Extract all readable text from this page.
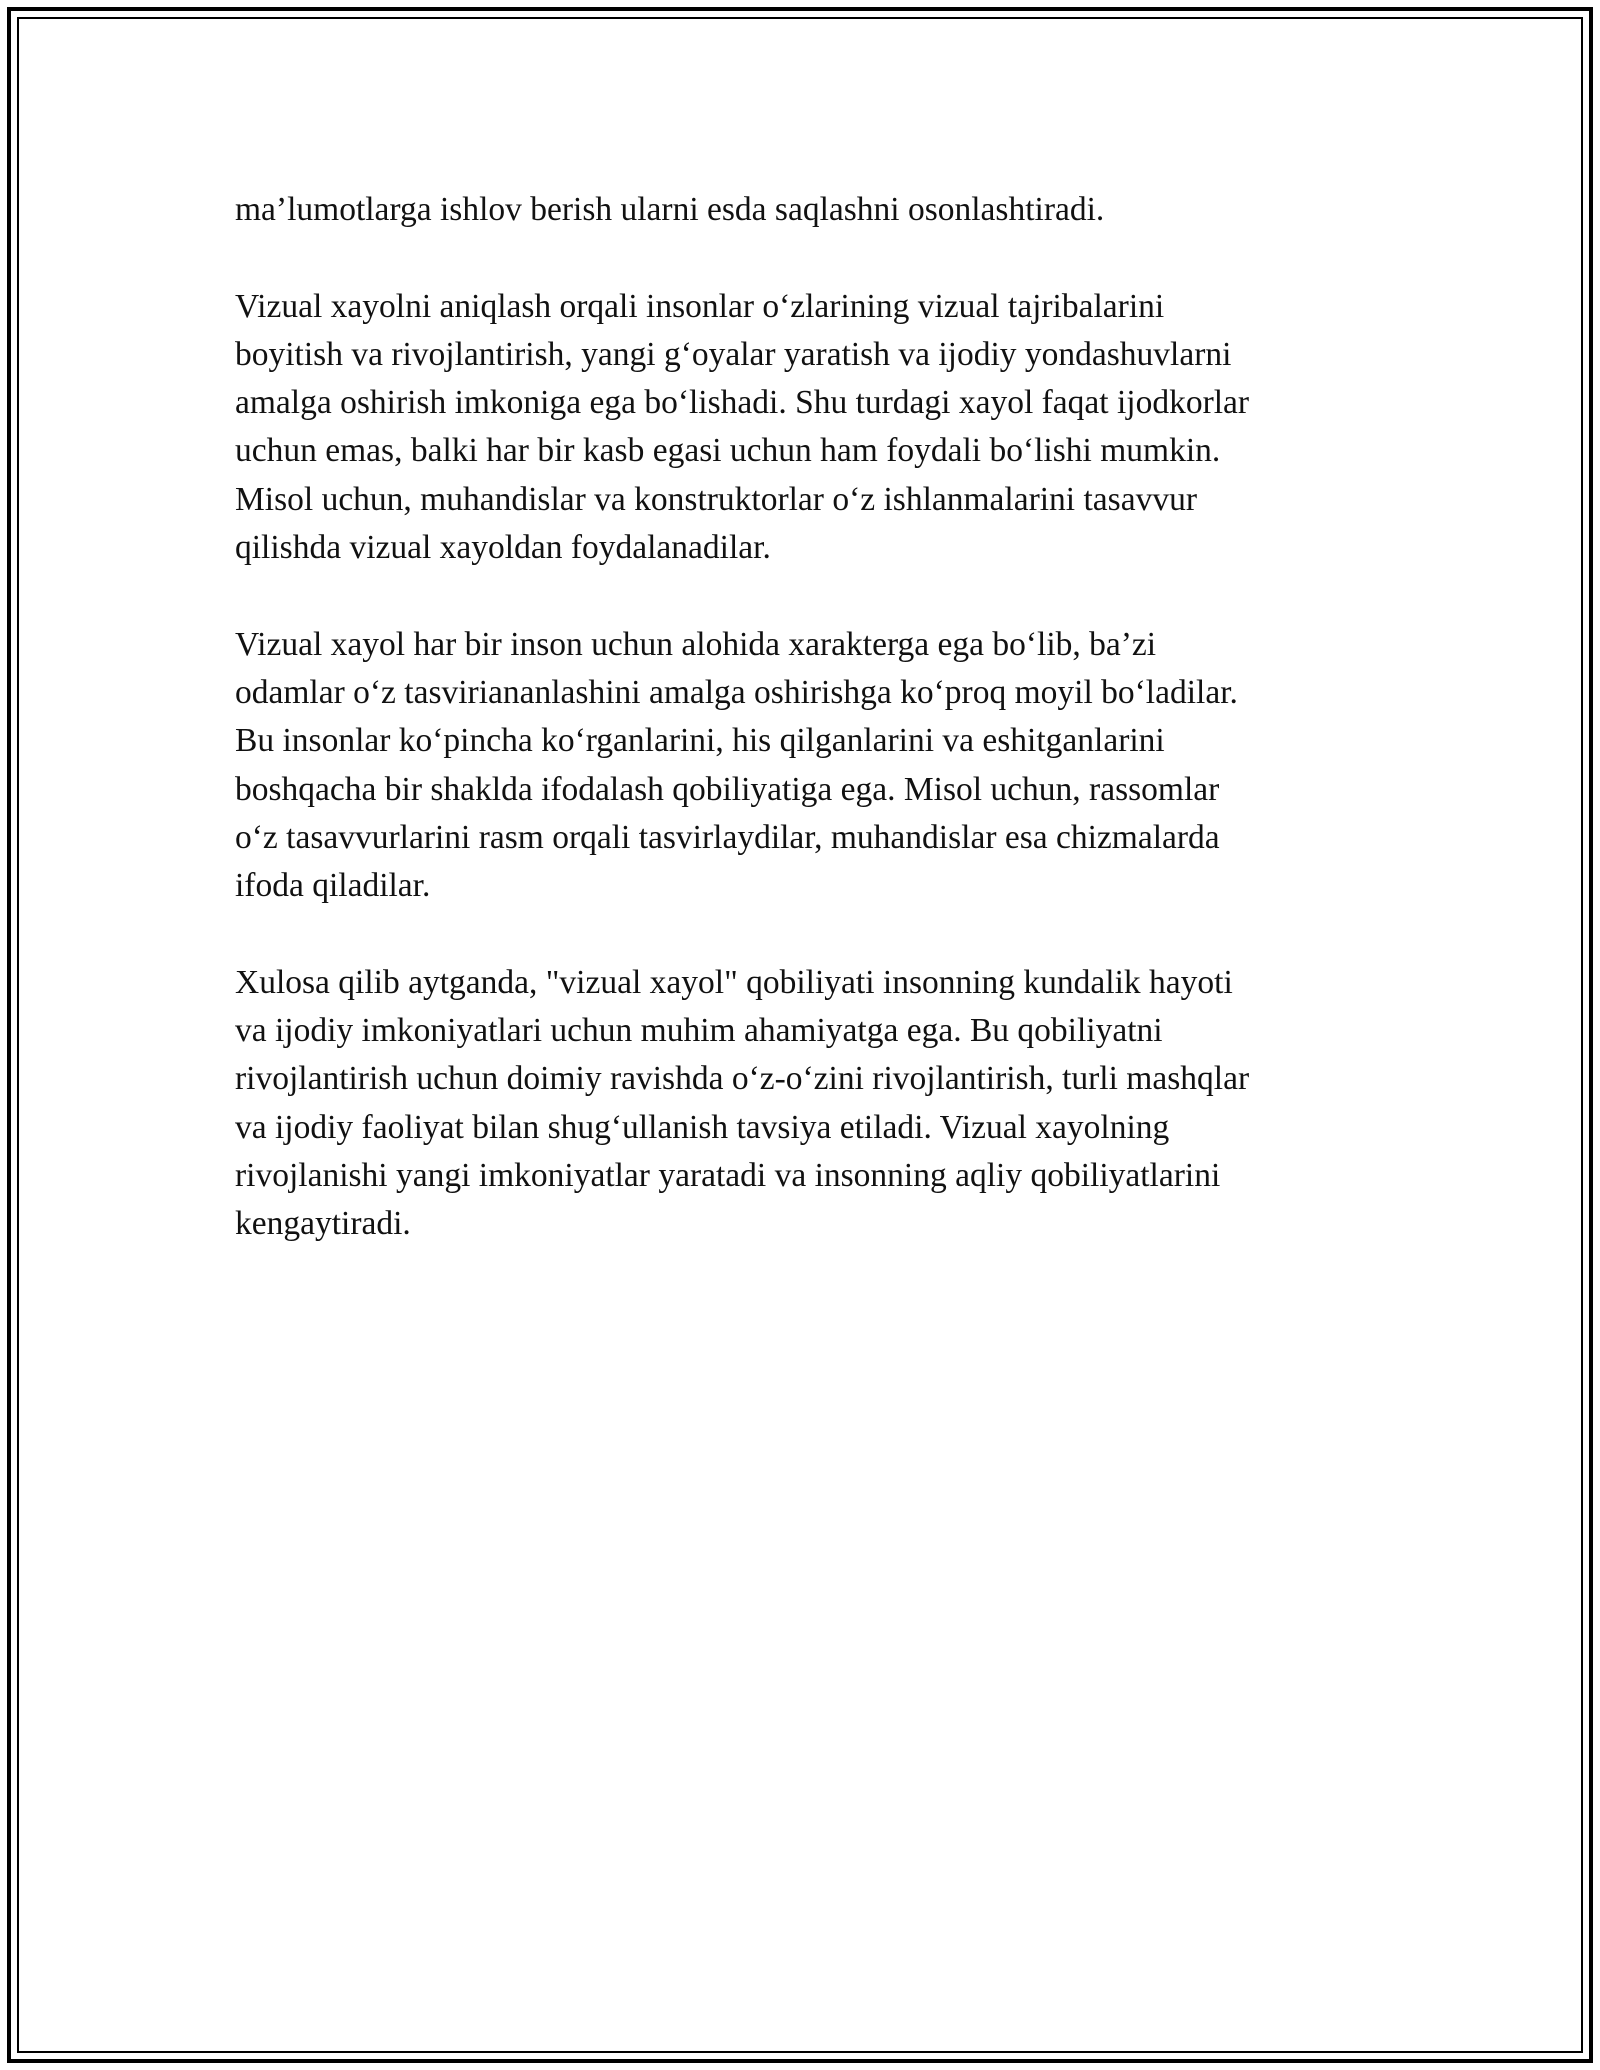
ma’lumotlarga ishlov berish ularni esda saqlashni osonlashtiradi.

Vizual xayolni aniqlash orqali insonlar o‘zlarining vizual tajribalarini
boyitish va rivojlantirish, yangi g‘oyalar yaratish va ijodiy yondashuvlarni
amalga oshirish imkoniga ega bo‘lishadi. Shu turdagi xayol faqat ijodkorlar
uchun emas, balki har bir kasb egasi uchun ham foydali bo‘lishi mumkin.
Misol uchun, muhandislar va konstruktorlar o‘z ishlanmalarini tasavvur
qilishda vizual xayoldan foydalanadilar.

Vizual xayol har bir inson uchun alohida xarakterga ega bo‘lib, ba’zi
odamlar o‘z tasvirianan​lashini amalga oshirishga ko‘proq moyil bo‘ladilar.
Bu insonlar ko‘pincha ko‘rganlarini, his qilganlarini va eshitganlarini
boshqacha bir shaklda ifodalash qobiliyatiga ega. Misol uchun, rassomlar
o‘z tasavvurlarini rasm orqali tasvirlaydilar, muhandislar esa chizmalarda
ifoda qiladilar.

Xulosa qilib aytganda, "vizual xayol" qobiliyati insonning kundalik hayoti
va ijodiy imkoniyatlari uchun muhim ahamiyatga ega. Bu qobiliyatni
rivojlantirish uchun doimiy ravishda o‘z-o‘zini rivojlantirish, turli mashqlar
va ijodiy faoliyat bilan shug‘ullanish tavsiya etiladi. Vizual xayolning
rivojlanishi yangi imkoniyatlar yaratadi va insonning aqliy qobiliyatlarini
kengaytiradi.
